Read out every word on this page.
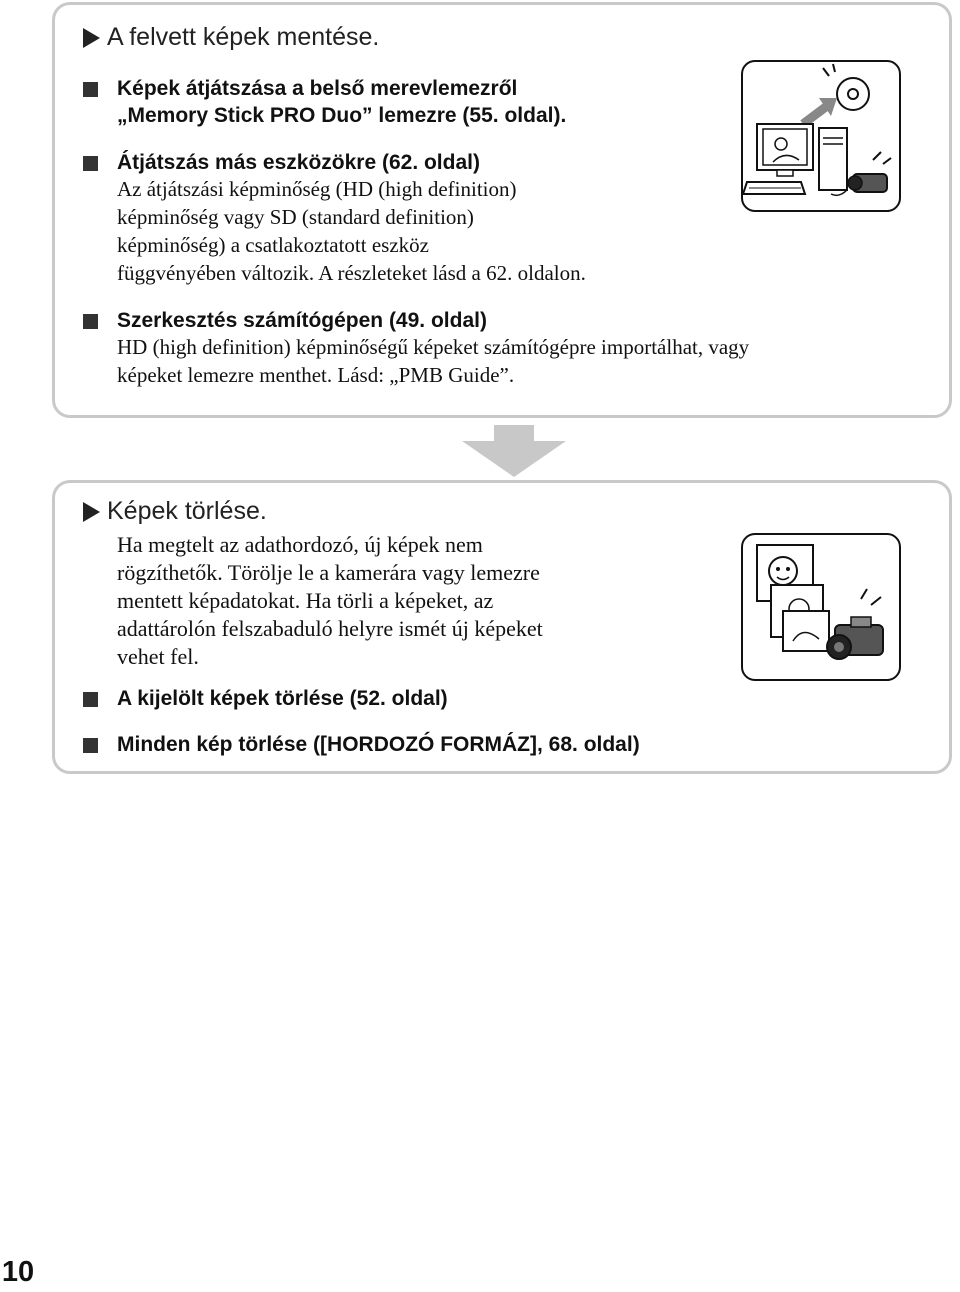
A felvett képek mentése.
Képek átjátszása a belső merevlemezről
„Memory Stick PRO Duo” lemezre (55. oldal).
Átjátszás más eszközökre (62. oldal)
Az átjátszási képminőség (HD (high definition)
képminőség vagy SD (standard definition)
képminőség) a csatlakoztatott eszköz
függvényében változik. A részleteket lásd a 62. oldalon.
Szerkesztés számítógépen (49. oldal)
HD (high definition) képminőségű képeket számítógépre importálhat, vagy
képeket lemezre menthet. Lásd: „PMB Guide”.
Képek törlése.
Ha megtelt az adathordozó, új képek nem
rögzíthetők. Törölje le a kamerára vagy lemezre
mentett képadatokat. Ha törli a képeket, az
adattárolón felszabaduló helyre ismét új képeket
vehet fel.
A kijelölt képek törlése (52. oldal)
Minden kép törlése ([HORDOZÓ FORMÁZ], 68. oldal)
10
